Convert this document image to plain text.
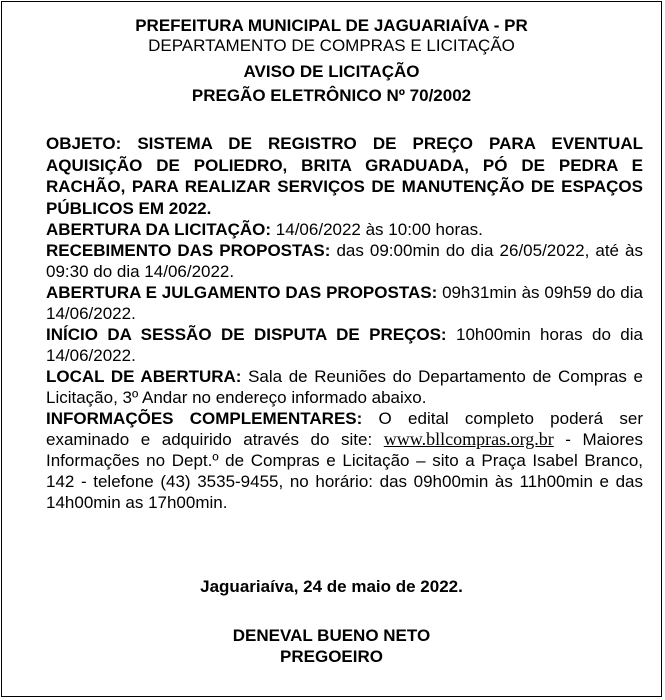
PREFEITURA MUNICIPAL DE JAGUARIAÍVA - PR
DEPARTAMENTO DE COMPRAS E LICITAÇÃO
AVISO DE LICITAÇÃO
PREGÃO ELETRÔNICO Nº 70/2002

OBJETO: SISTEMA DE REGISTRO DE PREÇO PARA EVENTUAL AQUISIÇÃO DE POLIEDRO, BRITA GRADUADA, PÓ DE PEDRA E RACHÃO, PARA REALIZAR SERVIÇOS DE MANUTENÇÃO DE ESPAÇOS PÚBLICOS EM 2022.

ABERTURA DA LICITAÇÃO: 14/06/2022 às 10:00 horas.

RECEBIMENTO DAS PROPOSTAS: das 09:00min do dia 26/05/2022, até às 09:30 do dia 14/06/2022.

ABERTURA E JULGAMENTO DAS PROPOSTAS: 09h31min às 09h59 do dia 14/06/2022.

INÍCIO DA SESSÃO DE DISPUTA DE PREÇOS: 10h00min horas do dia 14/06/2022.

LOCAL DE ABERTURA: Sala de Reuniões do Departamento de Compras e Licitação, 3º Andar no endereço informado abaixo.

INFORMAÇÕES COMPLEMENTARES: O edital completo poderá ser examinado e adquirido através do site: www.bllcompras.org.br - Maiores Informações no Dept.º de Compras e Licitação – sito a Praça Isabel Branco, 142 - telefone (43) 3535-9455, no horário: das 09h00min às 11h00min e das 14h00min as 17h00min.

Jaguariaíva, 24 de maio de 2022.
DENEVAL BUENO NETO
PREGOEIRO
